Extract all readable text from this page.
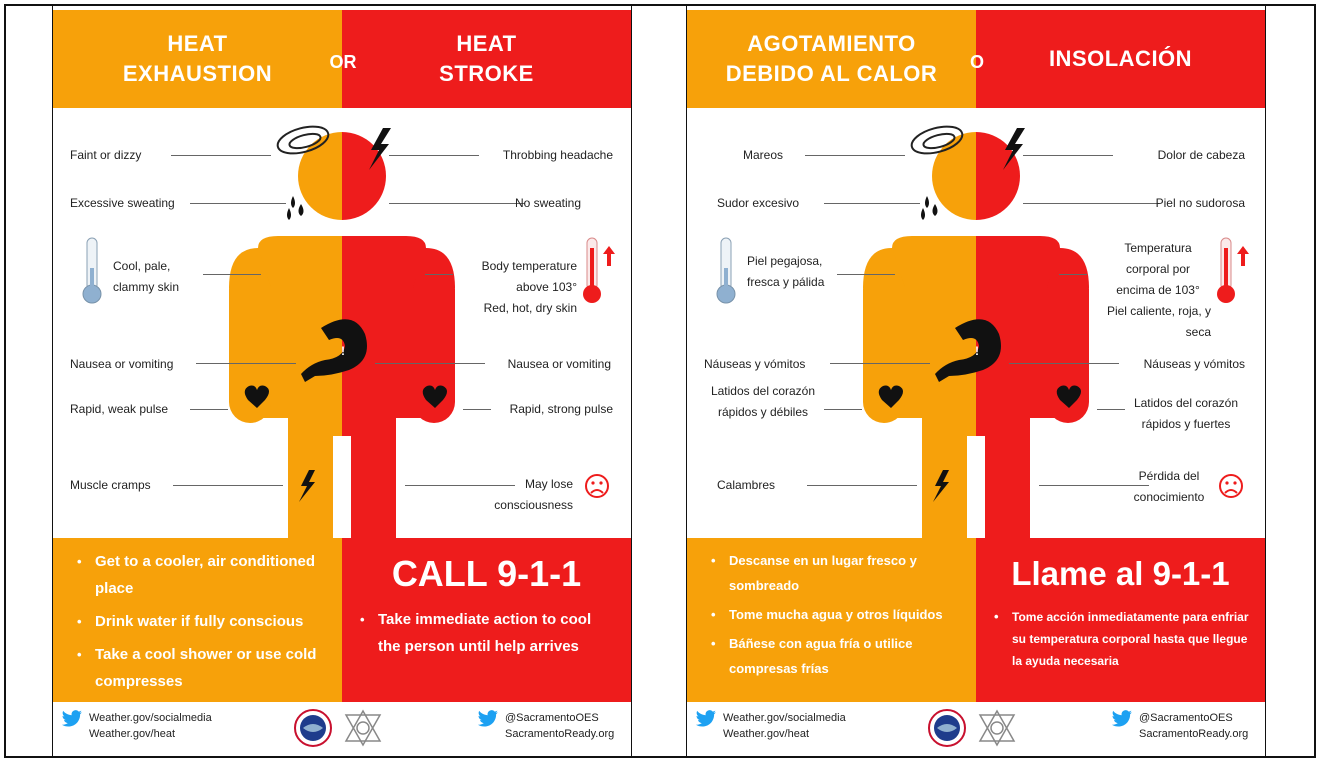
HEAT EXHAUSTION
HEAT STROKE
OR
!
Faint or dizzy
Excessive sweating
Cool, pale, clammy skin
Nausea or vomiting
Rapid, weak pulse
Muscle cramps
Throbbing headache
No sweating
Body temperature above 103°
Red, hot, dry skin
Nausea or vomiting
Rapid, strong pulse
May lose consciousness
• Get to a cooler, air conditioned place
• Drink water if fully conscious
• Take a cool shower or use cold compresses
CALL 9-1-1
• Take immediate action to cool the person until help arrives
Weather.gov/socialmedia
Weather.gov/heat
@SacramentoOES
SacramentoReady.org
AGOTAMIENTO DEBIDO AL CALOR
INSOLACIÓN
O
!
Mareos
Sudor excesivo
Piel pegajosa, fresca y pálida
Náuseas y vómitos
Latidos del corazón rápidos y débiles
Calambres
Dolor de cabeza
Piel no sudorosa
Temperatura corporal por encima de 103°
Piel caliente, roja, y seca
Náuseas y vómitos
Latidos del corazón rápidos y fuertes
Pérdida del conocimiento
• Descanse en un lugar fresco y sombreado
• Tome mucha agua y otros líquidos
• Báñese con agua fría o utilice compresas frías
Llame al 9-1-1
• Tome acción inmediatamente para enfriar su temperatura corporal hasta que llegue la ayuda necesaria
Weather.gov/socialmedia
Weather.gov/heat
@SacramentoOES
SacramentoReady.org
